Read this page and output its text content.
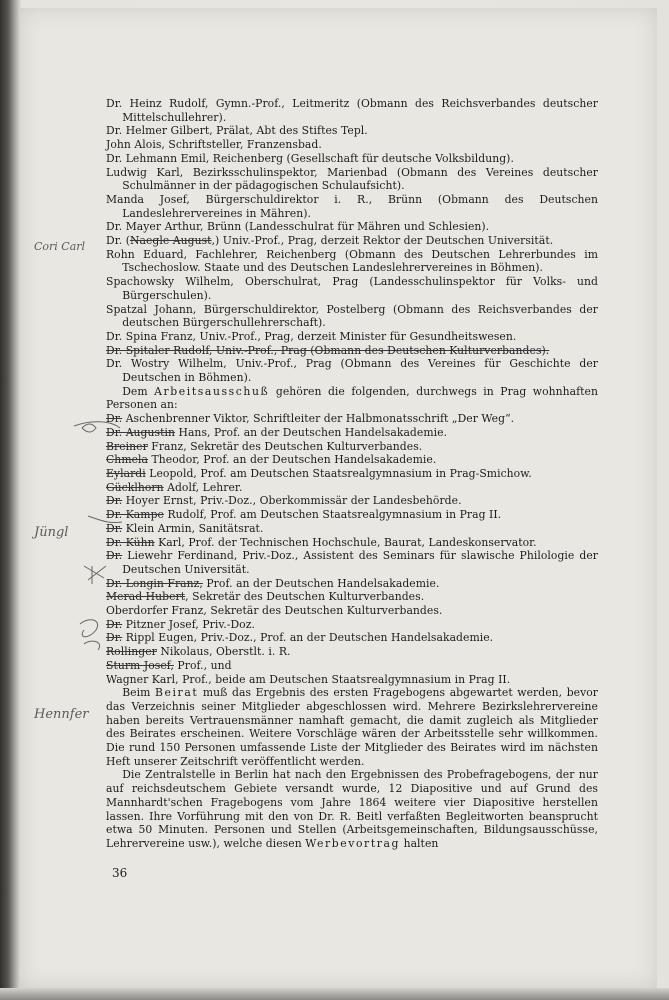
Dr. Heinz Rudolf, Gymn.-Prof., Leitmeritz (Obmann des Reichsverbandes deutscher Mittelschullehrer).

Dr. Helmer Gilbert, Prälat, Abt des Stiftes Tepl.

John Alois, Schriftsteller, Franzensbad.

Dr. Lehmann Emil, Reichenberg (Gesellschaft für deutsche Volksbildung).

Ludwig Karl, Bezirksschulinspektor, Marienbad (Obmann des Vereines deutscher Schulmänner in der pädagogischen Schulaufsicht).

Manda Josef, Bürgerschuldirektor i. R., Brünn (Obmann des Deutschen Landeslehrervereines in Mähren).

Dr. Mayer Arthur, Brünn (Landesschulrat für Mähren und Schlesien).

Dr. (Naegle August,) Univ.-Prof., Prag, derzeit Rektor der Deutschen Universität.

Rohn Eduard, Fachlehrer, Reichenberg (Obmann des Deutschen Lehrerbundes im Tschechoslow. Staate und des Deutschen Landeslehrervereines in Böhmen).

Spachowsky Wilhelm, Oberschulrat, Prag (Landesschulinspektor für Volks- und Bürgerschulen).

Spatzal Johann, Bürgerschuldirektor, Postelberg (Obmann des Reichsverbandes der deutschen Bürgerschullehrerschaft).

Dr. Spina Franz, Univ.-Prof., Prag, derzeit Minister für Gesundheitswesen.

Dr. Spitaler Rudolf, Univ.-Prof., Prag (Obmann des Deutschen Kulturverbandes).

Dr. Wostry Wilhelm, Univ.-Prof., Prag (Obmann des Vereines für Geschichte der Deutschen in Böhmen).

Dem Arbeitsausschuß gehören die folgenden, durchwegs in Prag wohnhaften Personen an:

Dr. Aschenbrenner Viktor, Schriftleiter der Halbmonatsschrift „Der Weg“.

Dr. Augustin Hans, Prof. an der Deutschen Handelsakademie.

Breiner Franz, Sekretär des Deutschen Kulturverbandes.

Chmela Theodor, Prof. an der Deutschen Handelsakademie.

Eylardi Leopold, Prof. am Deutschen Staatsrealgymnasium in Prag-Smichow.

Gücklhorn Adolf, Lehrer.

Dr. Hoyer Ernst, Priv.-Doz., Oberkommissär der Landesbehörde.

Dr. Kampe Rudolf, Prof. am Deutschen Staatsrealgymnasium in Prag II.

Dr. Klein Armin, Sanitätsrat.

Dr. Kühn Karl, Prof. der Technischen Hochschule, Baurat, Landeskonservator.

Dr. Liewehr Ferdinand, Priv.-Doz., Assistent des Seminars für slawische Philologie der Deutschen Universität.

Dr. Longin Franz, Prof. an der Deutschen Handelsakademie.

Merad Hubert, Sekretär des Deutschen Kulturverbandes.

Oberdorfer Franz, Sekretär des Deutschen Kulturverbandes.

Dr. Pitzner Josef, Priv.-Doz.

Dr. Rippl Eugen, Priv.-Doz., Prof. an der Deutschen Handelsakademie.

Rollinger Nikolaus, Oberstlt. i. R.

Sturm Josef, Prof., und

Wagner Karl, Prof., beide am Deutschen Staatsrealgymnasium in Prag II.

Beim Beirat muß das Ergebnis des ersten Fragebogens abgewartet werden, bevor das Verzeichnis seiner Mitglieder abgeschlossen wird. Mehrere Bezirkslehrervereine haben bereits Vertrauensmänner namhaft gemacht, die damit zugleich als Mitglieder des Beirates erscheinen. Weitere Vorschläge wären der Arbeitsstelle sehr willkommen. Die rund 150 Personen umfassende Liste der Mitglieder des Beirates wird im nächsten Heft unserer Zeitschrift veröffentlicht werden.

Die Zentralstelle in Berlin hat nach den Ergebnissen des Probefragebogens, der nur auf reichsdeutschem Gebiete versandt wurde, 12 Diapositive und auf Grund des Mannhardt'schen Fragebogens vom Jahre 1864 weitere vier Diapositive herstellen lassen. Ihre Vorführung mit den von Dr. R. Beitl verfaßten Begleitworten beansprucht etwa 50 Minuten. Personen und Stellen (Arbeitsgemeinschaften, Bildungsausschüsse, Lehrervereine usw.), welche diesen Werbevortrag halten

36
Cori Carl
Jüngl
Hennfer
